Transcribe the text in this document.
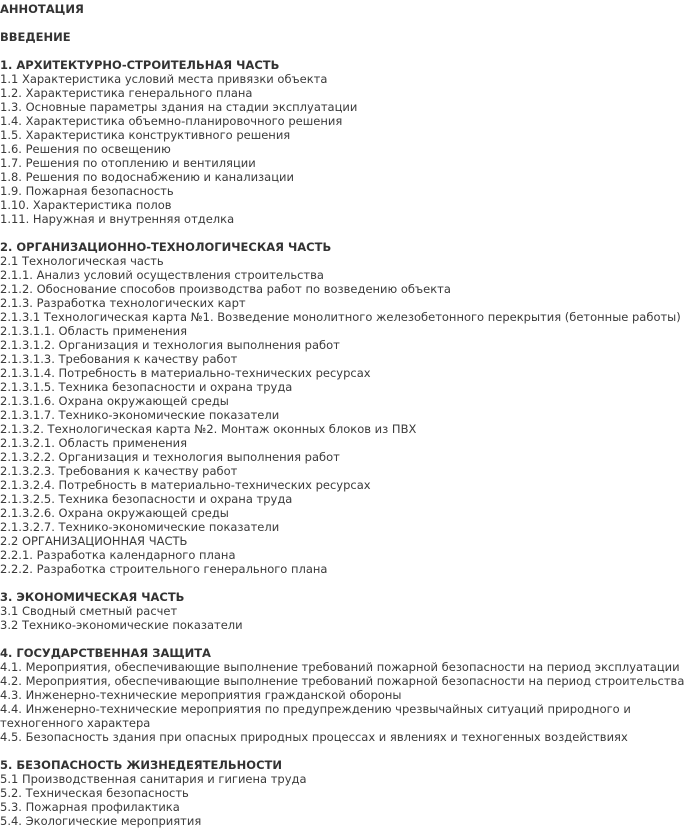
АННОТАЦИЯ
ВВЕДЕНИЕ
1. АРХИТЕКТУРНО-СТРОИТЕЛЬНАЯ ЧАСТЬ
1.1 Характеристика условий места привязки объекта
1.2. Характеристика генерального плана
1.3. Основные параметры здания на стадии эксплуатации
1.4. Характеристика объемно-планировочного решения
1.5. Характеристика конструктивного решения
1.6. Решения по освещению
1.7. Решения по отоплению и вентиляции
1.8. Решения по водоснабжению и канализации
1.9. Пожарная безопасность
1.10. Характеристика полов
1.11. Наружная и внутренняя отделка
2. ОРГАНИЗАЦИОННО-ТЕХНОЛОГИЧЕСКАЯ ЧАСТЬ
2.1 Технологическая часть
2.1.1. Анализ условий осуществления строительства
2.1.2. Обоснование способов производства работ по возведению объекта
2.1.3. Разработка технологических карт
2.1.3.1 Технологическая карта №1. Возведение монолитного железобетонного перекрытия (бетонные работы)
2.1.3.1.1. Область применения
2.1.3.1.2. Организация и технология выполнения работ
2.1.3.1.3. Требования к качеству работ
2.1.3.1.4. Потребность в материально-технических ресурсах
2.1.3.1.5. Техника безопасности и охрана труда
2.1.3.1.6. Охрана окружающей среды
2.1.3.1.7. Технико-экономические показатели
2.1.3.2. Технологическая карта №2. Монтаж оконных блоков из ПВХ
2.1.3.2.1. Область применения
2.1.3.2.2. Организация и технология выполнения работ
2.1.3.2.3. Требования к качеству работ
2.1.3.2.4. Потребность в материально-технических ресурсах
2.1.3.2.5. Техника безопасности и охрана труда
2.1.3.2.6. Охрана окружающей среды
2.1.3.2.7. Технико-экономические показатели
2.2 ОРГАНИЗАЦИОННАЯ ЧАСТЬ
2.2.1. Разработка календарного плана
2.2.2. Разработка строительного генерального плана
3. ЭКОНОМИЧЕСКАЯ ЧАСТЬ
3.1 Сводный сметный расчет
3.2 Технико-экономические показатели
4. ГОСУДАРСТВЕННАЯ ЗАЩИТА
4.1. Мероприятия, обеспечивающие выполнение требований пожарной безопасности на период эксплуатации
4.2. Мероприятия, обеспечивающие выполнение требований пожарной безопасности на период строительства
4.3. Инженерно-технические мероприятия гражданской обороны
4.4. Инженерно-технические мероприятия по предупреждению чрезвычайных ситуаций природного и техногенного характера
4.5. Безопасность здания при опасных природных процессах и явлениях и техногенных воздействиях
5. БЕЗОПАСНОСТЬ ЖИЗНЕДЕЯТЕЛЬНОСТИ
5.1 Производственная санитария и гигиена труда
5.2. Техническая безопасность
5.3. Пожарная профилактика
5.4. Экологические мероприятия
